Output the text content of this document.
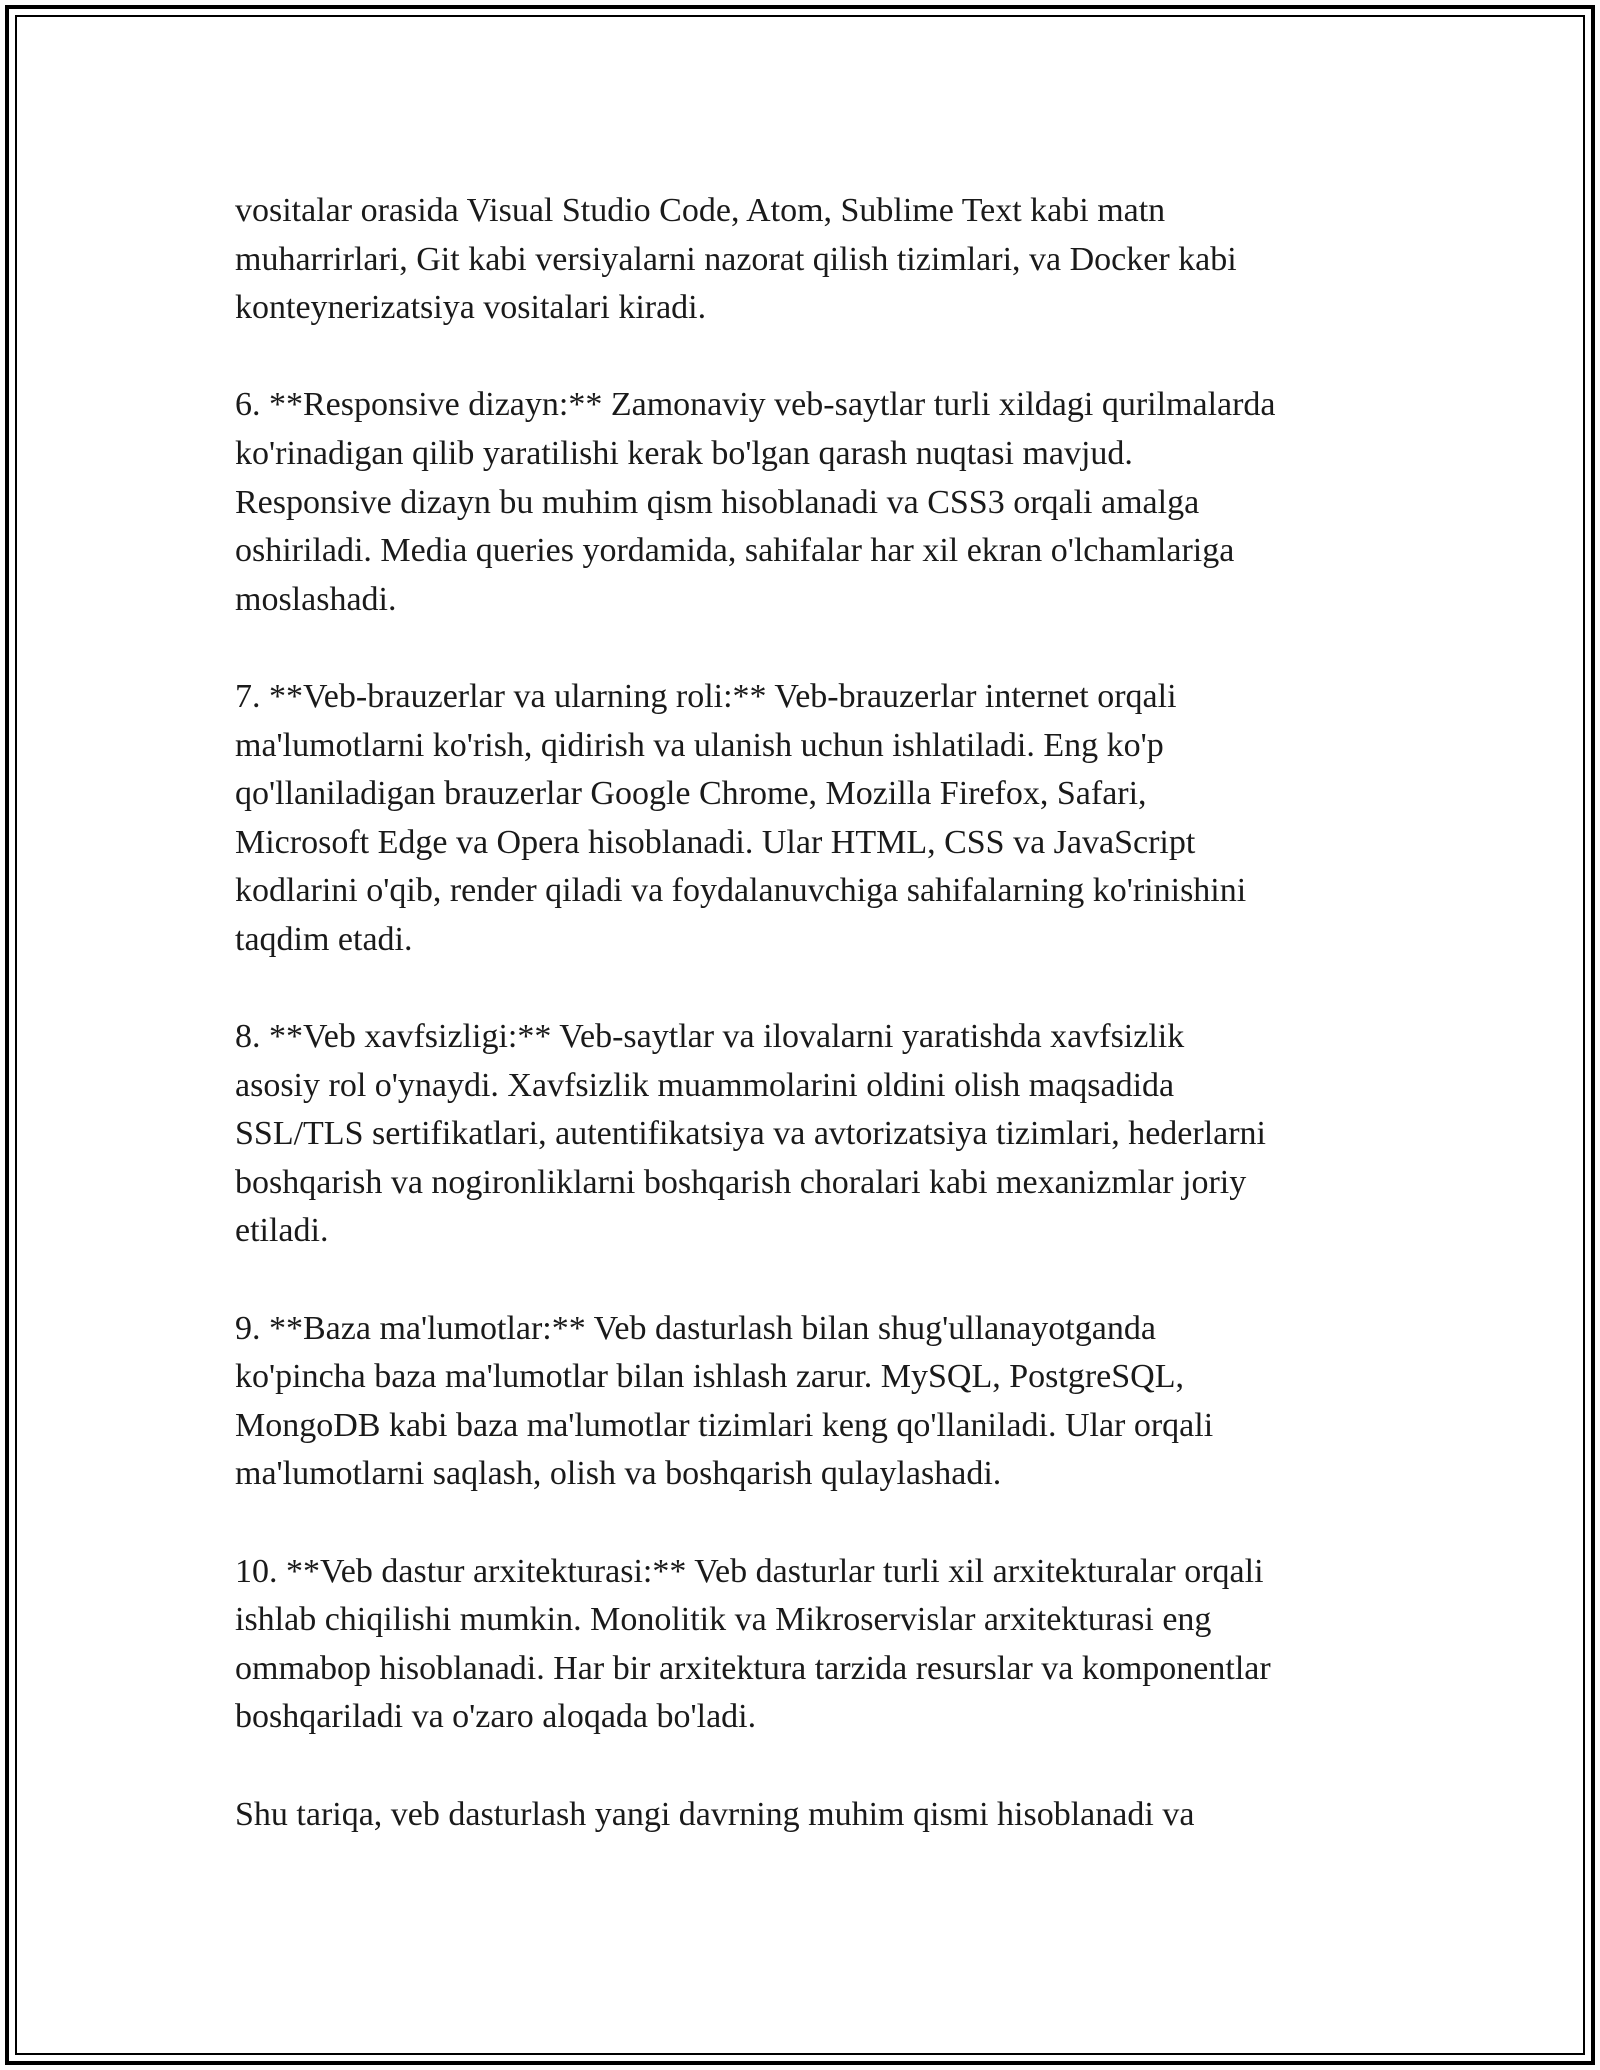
vositalar orasida Visual Studio Code, Atom, Sublime Text kabi matn
muharrirlari, Git kabi versiyalarni nazorat qilish tizimlari, va Docker kabi
konteynerizatsiya vositalari kiradi.

6. **Responsive dizayn:** Zamonaviy veb-saytlar turli xildagi qurilmalarda
ko'rinadigan qilib yaratilishi kerak bo'lgan qarash nuqtasi mavjud.
Responsive dizayn bu muhim qism hisoblanadi va CSS3 orqali amalga
oshiriladi. Media queries yordamida, sahifalar har xil ekran o'lchamlariga
moslashadi.

7. **Veb-brauzerlar va ularning roli:** Veb-brauzerlar internet orqali
ma'lumotlarni ko'rish, qidirish va ulanish uchun ishlatiladi. Eng ko'p
qo'llaniladigan brauzerlar Google Chrome, Mozilla Firefox, Safari,
Microsoft Edge va Opera hisoblanadi. Ular HTML, CSS va JavaScript
kodlarini o'qib, render qiladi va foydalanuvchiga sahifalarning ko'rinishini
taqdim etadi.

8. **Veb xavfsizligi:** Veb-saytlar va ilovalarni yaratishda xavfsizlik
asosiy rol o'ynaydi. Xavfsizlik muammolarini oldini olish maqsadida
SSL/TLS sertifikatlari, autentifikatsiya va avtorizatsiya tizimlari, hederlarni
boshqarish va nogironliklarni boshqarish choralari kabi mexanizmlar joriy
etiladi.

9. **Baza ma'lumotlar:** Veb dasturlash bilan shug'ullanayotganda
ko'pincha baza ma'lumotlar bilan ishlash zarur. MySQL, PostgreSQL,
MongoDB kabi baza ma'lumotlar tizimlari keng qo'llaniladi. Ular orqali
ma'lumotlarni saqlash, olish va boshqarish qulaylashadi.

10. **Veb dastur arxitekturasi:** Veb dasturlar turli xil arxitekturalar orqali
ishlab chiqilishi mumkin. Monolitik va Mikroservislar arxitekturasi eng
ommabop hisoblanadi. Har bir arxitektura tarzida resurslar va komponentlar
boshqariladi va o'zaro aloqada bo'ladi.

Shu tariqa, veb dasturlash yangi davrning muhim qismi hisoblanadi va
